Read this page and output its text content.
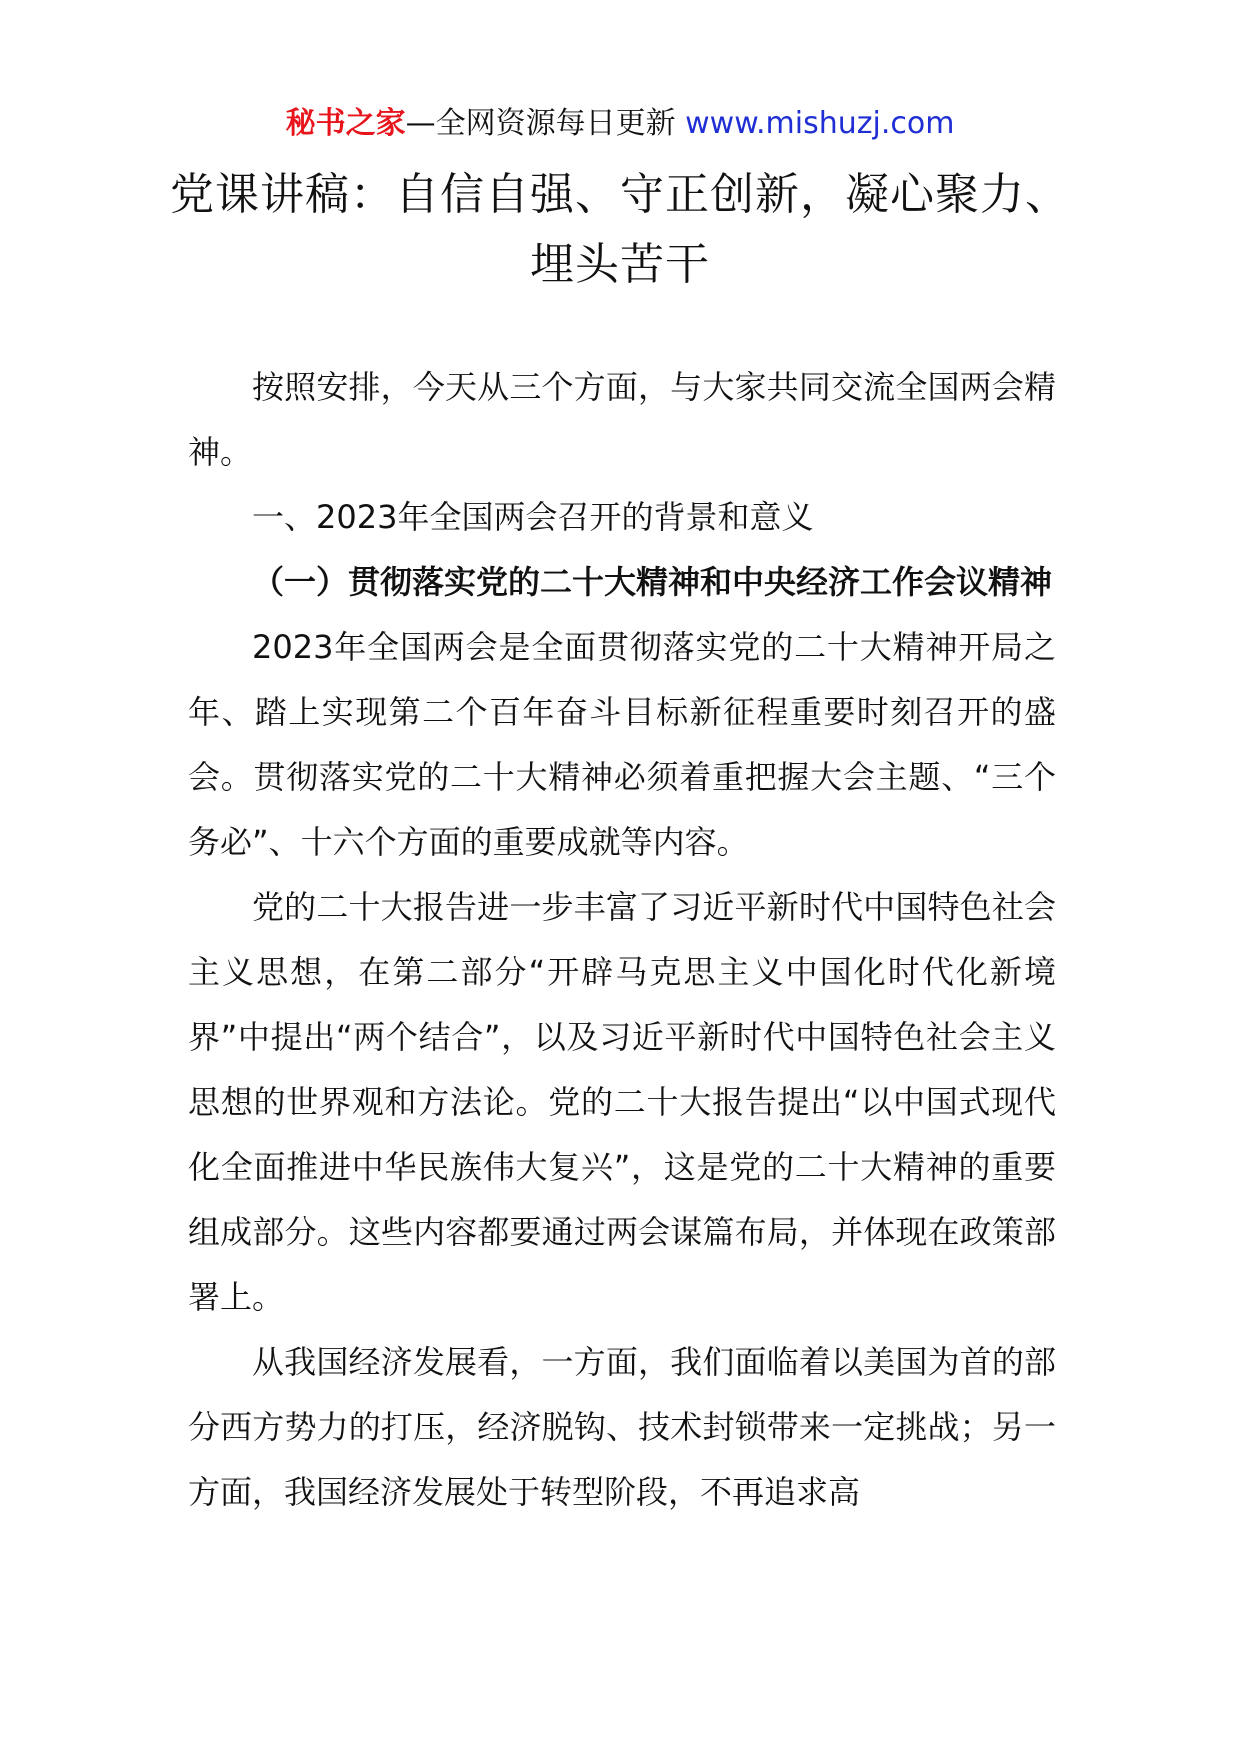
秘书之家—全网资源每日更新 www.mishuzj.com
党课讲稿：自信自强、守正创新，凝心聚力、埋头苦干

按照安排，今天从三个方面，与大家共同交流全国两会精神。

一、2023年全国两会召开的背景和意义

（一）贯彻落实党的二十大精神和中央经济工作会议精神

2023年全国两会是全面贯彻落实党的二十大精神开局之年、踏上实现第二个百年奋斗目标新征程重要时刻召开的盛会。贯彻落实党的二十大精神必须着重把握大会主题、“三个务必”、十六个方面的重要成就等内容。

党的二十大报告进一步丰富了习近平新时代中国特色社会主义思想，在第二部分“开辟马克思主义中国化时代化新境界”中提出“两个结合”，以及习近平新时代中国特色社会主义思想的世界观和方法论。党的二十大报告提出“以中国式现代化全面推进中华民族伟大复兴”，这是党的二十大精神的重要组成部分。这些内容都要通过两会谋篇布局，并体现在政策部署上。

从我国经济发展看，一方面，我们面临着以美国为首的部分西方势力的打压，经济脱钩、技术封锁带来一定挑战；另一方面，我国经济发展处于转型阶段，不再追求高
